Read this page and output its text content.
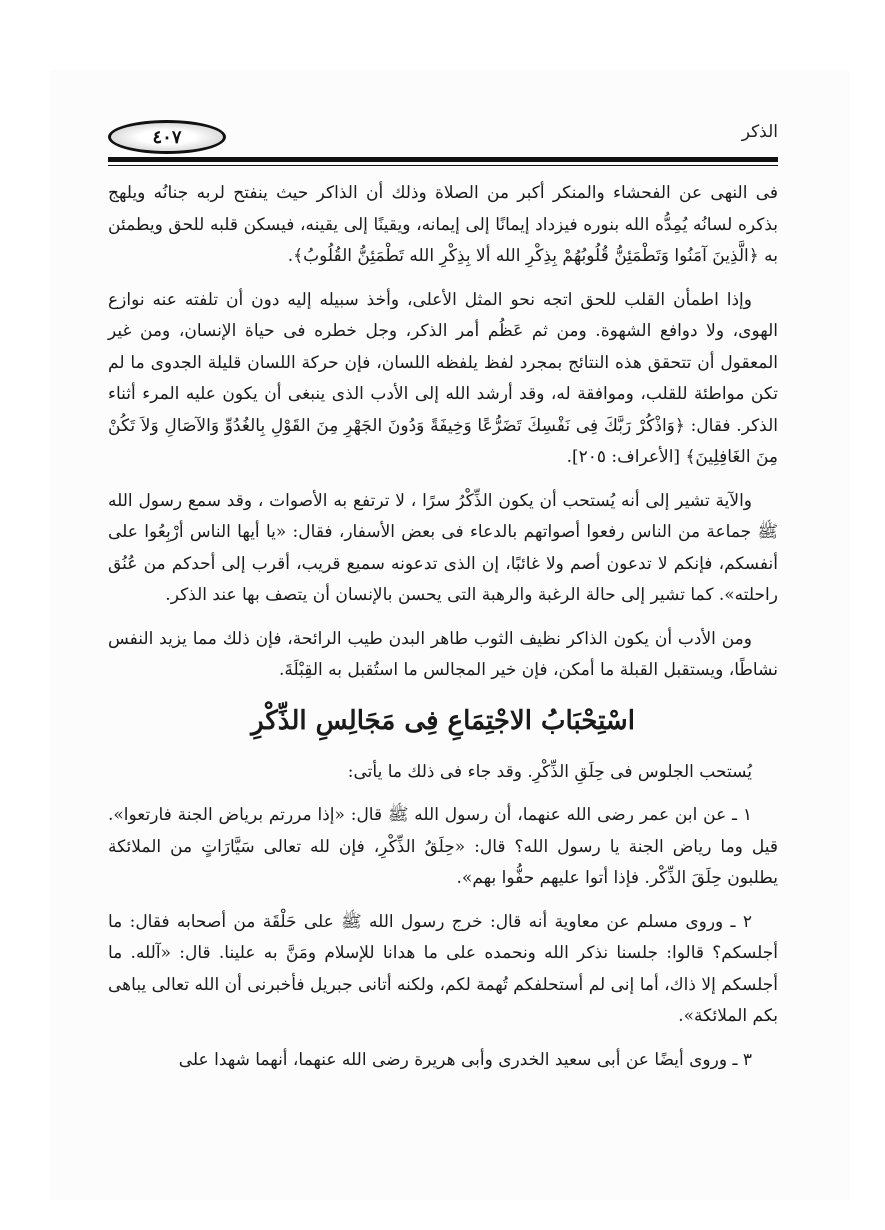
الذكر
٤٠٧

فى النهى عن الفحشاء والمنكر أكبر من الصلاة وذلك أن الذاكر حيث ينفتح لربه جنانُه ويلهج بذكره لسانُه يُمِدُّه الله بنوره فيزداد إيمانًا إلى إيمانه، ويقينًا إلى يقينه، فيسكن قلبه للحق ويطمئن به ﴿الَّذِينَ آمَنُوا وَتَطْمَئِنُّ قُلُوبُهُمْ بِذِكْرِ الله ألا بِذِكْرِ الله تَطْمَئِنُّ القُلُوبُ﴾.

وإذا اطمأن القلب للحق اتجه نحو المثل الأعلى، وأخذ سبيله إليه دون أن تلفته عنه نوازع الهوى، ولا دوافع الشهوة. ومن ثم عَظُم أمر الذكر، وجل خطره فى حياة الإنسان، ومن غير المعقول أن تتحقق هذه النتائج بمجرد لفظ يلفظه اللسان، فإن حركة اللسان قليلة الجدوى ما لم تكن مواطئة للقلب، وموافقة له، وقد أرشد الله إلى الأدب الذى ينبغى أن يكون عليه المرء أثناء الذكر. فقال: ﴿وَاذْكُرْ رَبَّكَ فِى نَفْسِكَ تَضَرُّعًا وَخِيفَةً وَدُونَ الجَهْرِ مِنَ القَوْلِ بِالغُدُوِّ وَالآصَالِ وَلاَ تَكُنْ مِنَ الغَافِلِينَ﴾ [الأعراف: ٢٠٥].

والآية تشير إلى أنه يُستحب أن يكون الذِّكْرُ سرًا ، لا ترتفع به الأصوات ، وقد سمع رسول الله ﷺ جماعة من الناس رفعوا أصواتهم بالدعاء فى بعض الأسفار، فقال: «يا أيها الناس أرْبِعُوا على أنفسكم، فإنكم لا تدعون أصم ولا غائبًا، إن الذى تدعونه سميع قريب، أقرب إلى أحدكم من عُنُق راحلته». كما تشير إلى حالة الرغبة والرهبة التى يحسن بالإنسان أن يتصف بها عند الذكر.

ومن الأدب أن يكون الذاكر نظيف الثوب طاهر البدن طيب الرائحة، فإن ذلك مما يزيد النفس نشاطًا، ويستقبل القبلة ما أمكن، فإن خير المجالس ما استُقبل به القِبْلَةَ.

اسْتِحْبَابُ الاجْتِمَاعِ فِى مَجَالِسِ الذِّكْرِ

يُستحب الجلوس فى حِلَقِ الذِّكْرِ. وقد جاء فى ذلك ما يأتى:

١ ـ عن ابن عمر رضى الله عنهما، أن رسول الله ﷺ قال: «إذا مررتم برياض الجنة فارتعوا». قيل وما رياض الجنة يا رسول الله؟ قال: «حِلَقُ الذِّكْرِ، فإن لله تعالى سَيَّارَاتٍ من الملائكة يطلبون حِلَقَ الذِّكْر. فإذا أتوا عليهم حفُّوا بهم».

٢ ـ وروى مسلم عن معاوية أنه قال: خرج رسول الله ﷺ على حَلْقَة من أصحابه فقال: ما أجلسكم؟ قالوا: جلسنا نذكر الله ونحمده على ما هدانا للإسلام ومَنَّ به علينا. قال: «آلله. ما أجلسكم إلا ذاك، أما إنى لم أستحلفكم تُهمة لكم، ولكنه أتانى جبريل فأخبرنى أن الله تعالى يباهى بكم الملائكة».

٣ ـ وروى أيضًا عن أبى سعيد الخدرى وأبى هريرة رضى الله عنهما، أنهما شهدا على
